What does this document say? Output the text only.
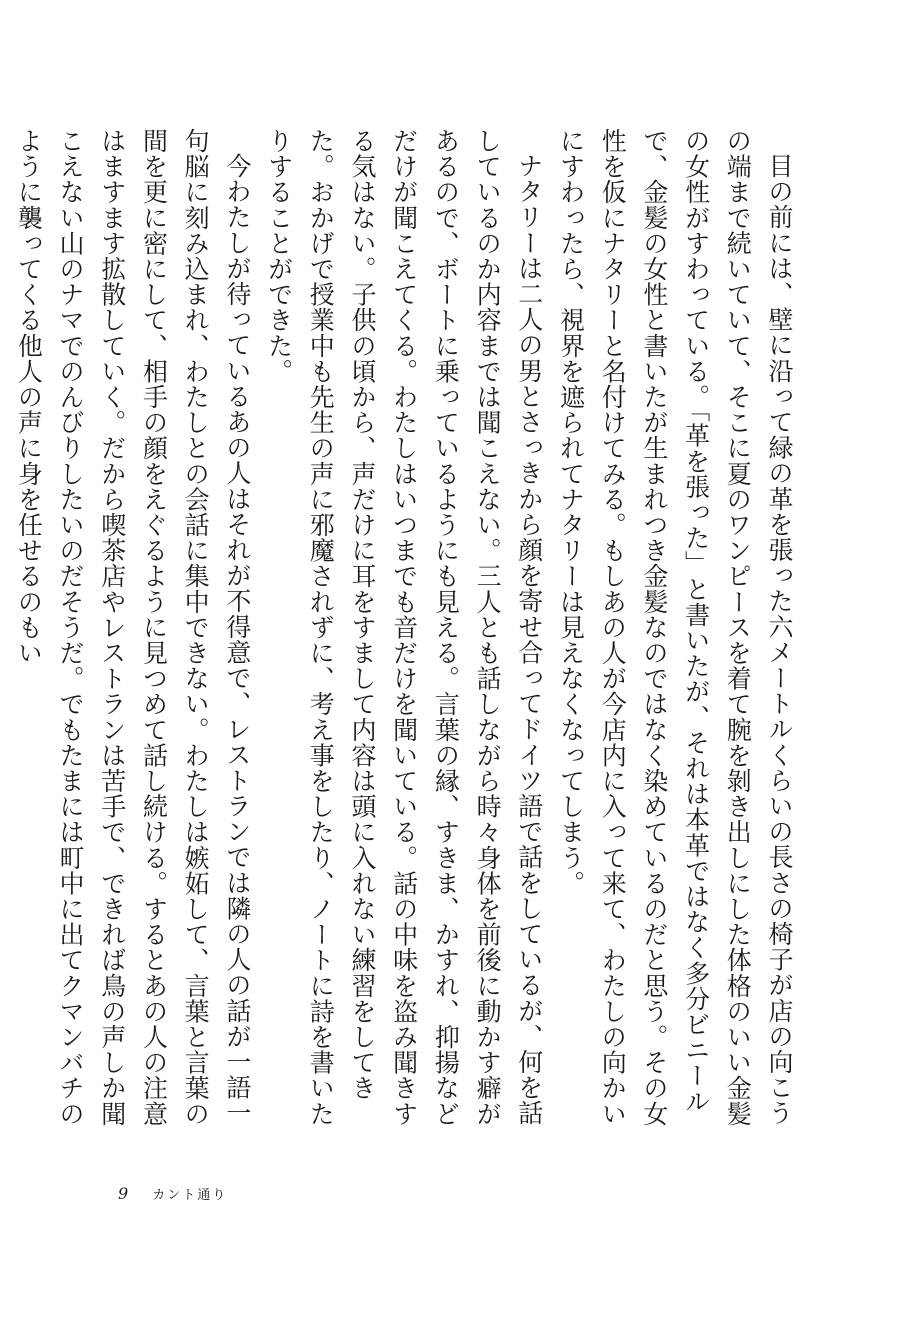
目の前には、壁に沿って緑の革を張った六メートルくらいの長さの椅子が店の向こうの端まで続いていて、そこに夏のワンピースを着て腕を剝き出しにした体格のいい金髪の女性がすわっている。「革を張った」と書いたが、それは本革ではなく多分ビニールで、金髪の女性と書いたが生まれつき金髪なのではなく染めているのだと思う。その女性を仮にナタリーと名付けてみる。もしあの人が今店内に入って来て、わたしの向かいにすわったら、視界を遮られてナタリーは見えなくなってしまう。

ナタリーは二人の男とさっきから顔を寄せ合ってドイツ語で話をしているが、何を話しているのか内容までは聞こえない。三人とも話しながら時々身体を前後に動かす癖があるので、ボートに乗っているようにも見える。言葉の縁、すきま、かすれ、抑揚などだけが聞こえてくる。わたしはいつまでも音だけを聞いている。話の中味を盗み聞きする気はない。子供の頃から、声だけに耳をすまして内容は頭に入れない練習をしてきた。おかげで授業中も先生の声に邪魔されずに、考え事をしたり、ノートに詩を書いたりすることができた。

今わたしが待っているあの人はそれが不得意で、レストランでは隣の人の話が一語一句脳に刻み込まれ、わたしとの会話に集中できない。わたしは嫉妬して、言葉と言葉の間を更に密にして、相手の顔をえぐるように見つめて話し続ける。するとあの人の注意はますます拡散していく。だから喫茶店やレストランは苦手で、できれば鳥の声しか聞こえない山のナマでのんびりしたいのだそうだ。でもたまには町中に出てクマンバチのように襲ってくる他人の声に身を任せるのもい

9 カント通り
